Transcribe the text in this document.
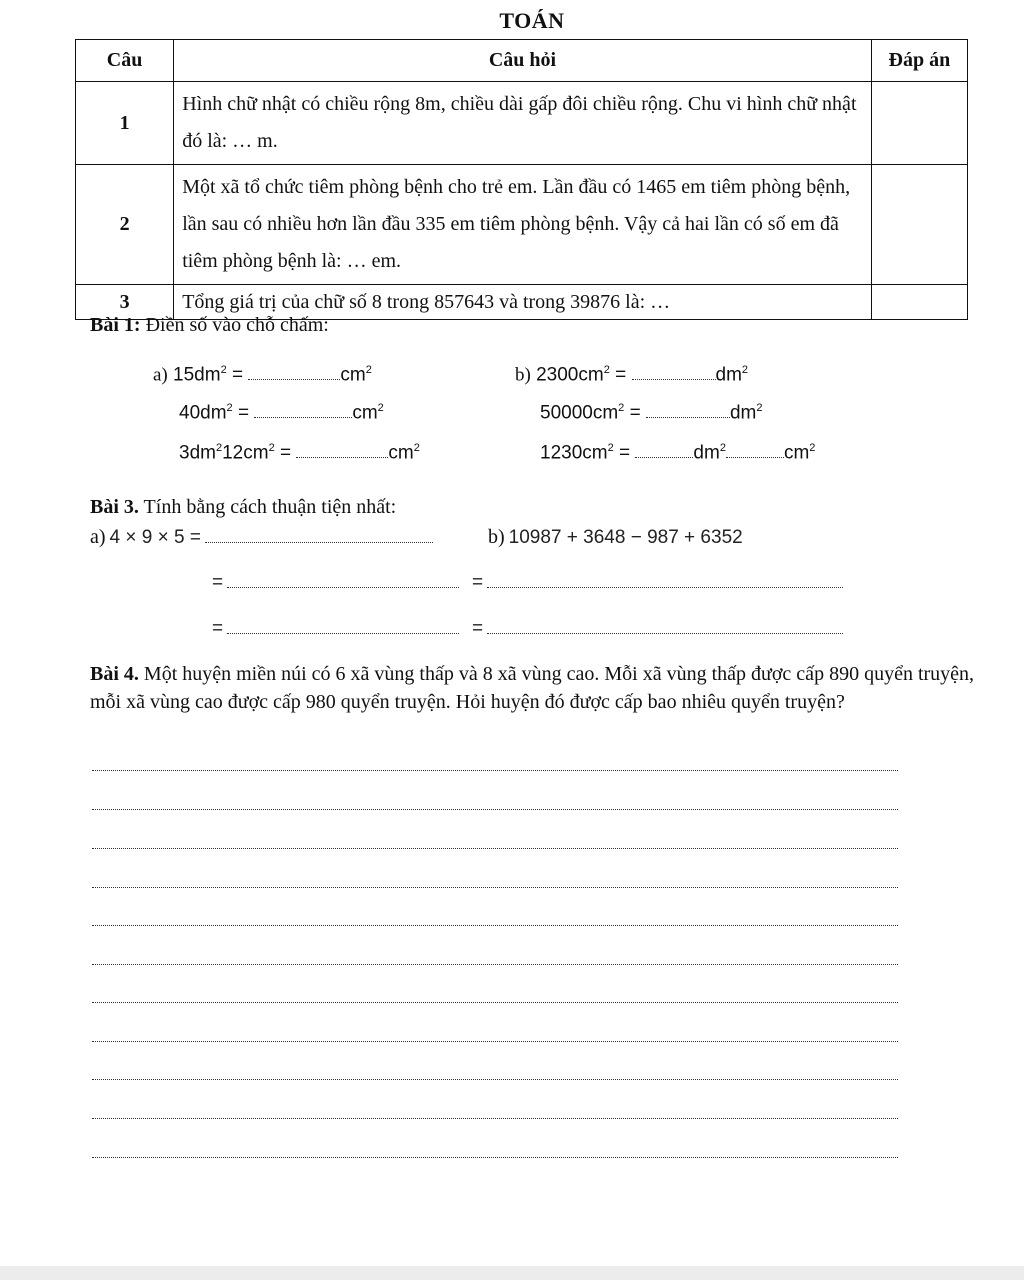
TOÁN
Câu	Câu hỏi	Đáp án
1	Hình chữ nhật có chiều rộng 8m, chiều dài gấp đôi chiều rộng. Chu vi hình chữ nhật đó là: … m.	
2	Một xã tổ chức tiêm phòng bệnh cho trẻ em. Lần đầu có 1465 em tiêm phòng bệnh, lần sau có nhiều hơn lần đầu 335 em tiêm phòng bệnh. Vậy cả hai lần có số em đã tiêm phòng bệnh là: … em.	
3	Tổng giá trị của chữ số 8 trong 857643 và trong 39876 là: …	
Bài 1: Điền số vào chỗ chấm:
a) $15dm^2$ =	$cm^2$
$40dm^2$ =	$cm^2$
$3dm^212cm^2$ =	$cm^2$
b) $2300cm^2$ =	$dm^2$
$50000cm^2$ =	$dm^2$
$1230cm^2$ =	$dm^2$	$cm^2$
Bài 3. Tính bằng cách thuận tiện nhất:
a) 4 × 9 × 5 =	b) 10987 + 3648 − 987 + 6352
=	=
=	=
Bài 4. Một huyện miền núi có 6 xã vùng thấp và 8 xã vùng cao. Mỗi xã vùng thấp được cấp 890 quyển truyện, mỗi xã vùng cao được cấp 980 quyển truyện. Hỏi huyện đó được cấp bao nhiêu quyển truyện?
